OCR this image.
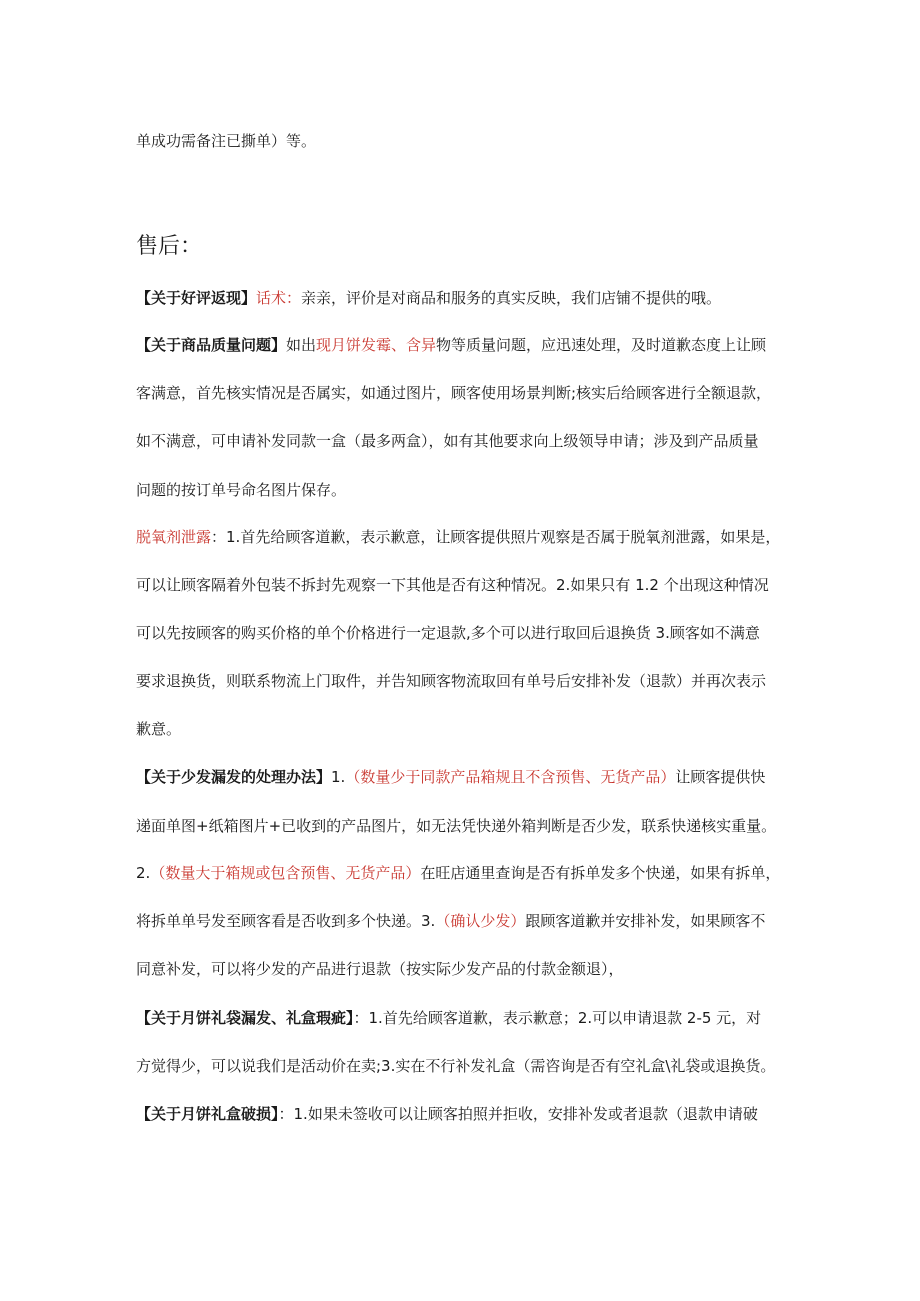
单成功需备注已撕单）等。
售后：
【关于好评返现】话术：亲亲，评价是对商品和服务的真实反映，我们店铺不提供的哦。
【关于商品质量问题】如出现月饼发霉、含异物等质量问题，应迅速处理，及时道歉态度上让顾
客满意，首先核实情况是否属实，如通过图片，顾客使用场景判断;核实后给顾客进行全额退款，
如不满意，可申请补发同款一盒（最多两盒），如有其他要求向上级领导申请；涉及到产品质量
问题的按订单号命名图片保存。
脱氧剂泄露：1.首先给顾客道歉，表示歉意，让顾客提供照片观察是否属于脱氧剂泄露，如果是，
可以让顾客隔着外包装不拆封先观察一下其他是否有这种情况。2.如果只有 1.2 个出现这种情况
可以先按顾客的购买价格的单个价格进行一定退款,多个可以进行取回后退换货 3.顾客如不满意
要求退换货，则联系物流上门取件，并告知顾客物流取回有单号后安排补发（退款）并再次表示
歉意。
【关于少发漏发的处理办法】1.（数量少于同款产品箱规且不含预售、无货产品）让顾客提供快
递面单图+纸箱图片+已收到的产品图片，如无法凭快递外箱判断是否少发，联系快递核实重量。
2.（数量大于箱规或包含预售、无货产品）在旺店通里查询是否有拆单发多个快递，如果有拆单，
将拆单单号发至顾客看是否收到多个快递。3.（确认少发）跟顾客道歉并安排补发，如果顾客不
同意补发，可以将少发的产品进行退款（按实际少发产品的付款金额退），
【关于月饼礼袋漏发、礼盒瑕疵】：1.首先给顾客道歉，表示歉意；2.可以申请退款 2-5 元，对
方觉得少，可以说我们是活动价在卖;3.实在不行补发礼盒（需咨询是否有空礼盒\礼袋或退换货。
【关于月饼礼盒破损】：1.如果未签收可以让顾客拍照并拒收，安排补发或者退款（退款申请破
